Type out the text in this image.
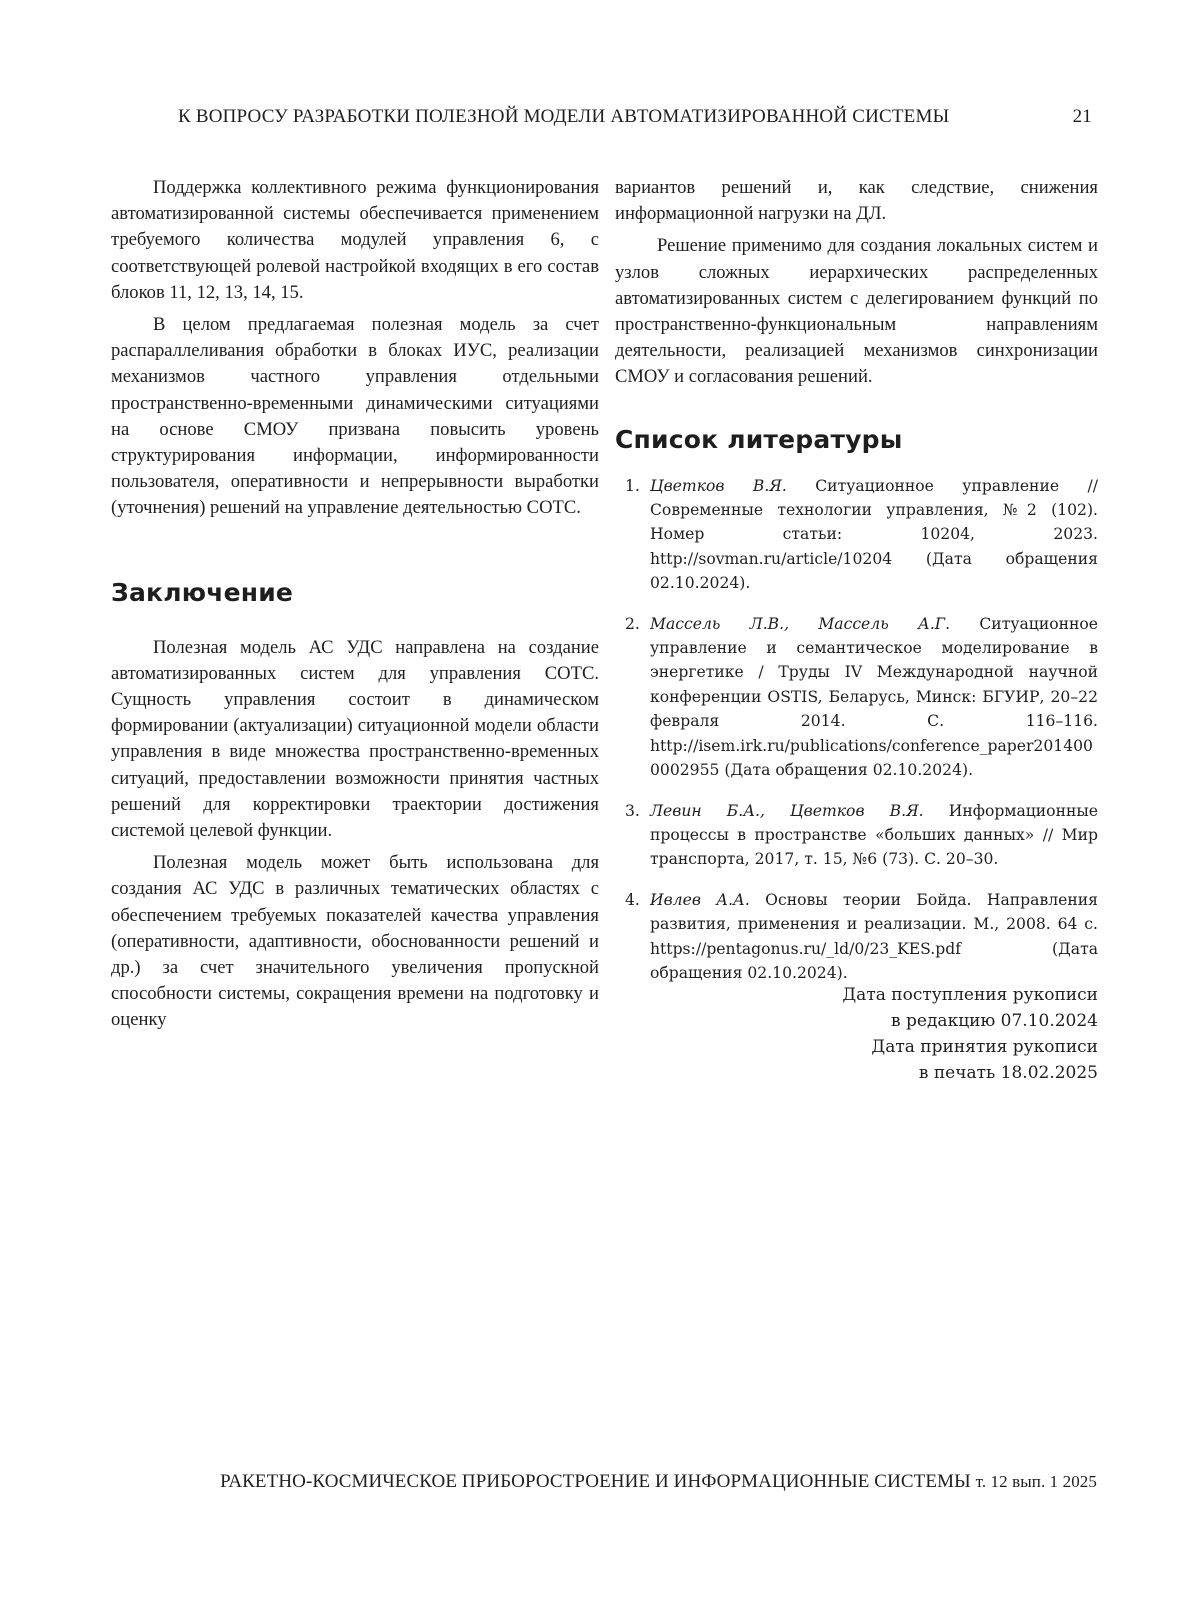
К ВОПРОСУ РАЗРАБОТКИ ПОЛЕЗНОЙ МОДЕЛИ АВТОМАТИЗИРОВАННОЙ СИСТЕМЫ	21

Поддержка коллективного режима функционирования автоматизированной системы обеспечивается применением требуемого количества модулей управления 6, с соответствующей ролевой настройкой входящих в его состав блоков 11, 12, 13, 14, 15.

В целом предлагаемая полезная модель за счет распараллеливания обработки в блоках ИУС, реализации механизмов частного управления отдельными пространственно-временными динамическими ситуациями на основе СМОУ призвана повысить уровень структурирования информации, информированности пользователя, оперативности и непрерывности выработки (уточнения) решений на управление деятельностью СОТС.

Заключение

Полезная модель АС УДС направлена на создание автоматизированных систем для управления СОТС. Сущность управления состоит в динамическом формировании (актуализации) ситуационной модели области управления в виде множества пространственно-временных ситуаций, предоставлении возможности принятия частных решений для корректировки траектории достижения системой целевой функции.

Полезная модель может быть использована для создания АС УДС в различных тематических областях с обеспечением требуемых показателей качества управления (оперативности, адаптивности, обоснованности решений и др.) за счет значительного увеличения пропускной способности системы, сокращения времени на подготовку и оценку

вариантов решений и, как следствие, снижения информационной нагрузки на ДЛ.

Решение применимо для создания локальных систем и узлов сложных иерархических распределенных автоматизированных систем с делегированием функций по пространственно-функциональным направлениям деятельности, реализацией механизмов синхронизации СМОУ и согласования решений.

Список литературы
1. Цветков В.Я. Ситуационное управление // Современные технологии управления, №2 (102). Номер статьи: 10204, 2023. http://sovman.ru/article/10204 (Дата обращения 02.10.2024).
2. Массель Л.В., Массель А.Г. Ситуационное управление и семантическое моделирование в энергетике / Труды IV Международной научной конференции OSTIS, Беларусь, Минск: БГУИР, 20–22 февраля 2014. С. 116–116. http://isem.irk.ru/publications/conference_paper2014000002955 (Дата обращения 02.10.2024).
3. Левин Б.А., Цветков В.Я. Информационные процессы в пространстве «больших данных» // Мир транспорта, 2017, т. 15, №6 (73). С. 20–30.
4. Ивлев А.А. Основы теории Бойда. Направления развития, применения и реализации. М., 2008. 64 с. https://pentagonus.ru/_ld/0/23_KES.pdf (Дата обращения 02.10.2024).
Дата поступления рукописи
в редакцию 07.10.2024
Дата принятия рукописи
в печать 18.02.2025
РАКЕТНО-КОСМИЧЕСКОЕ ПРИБОРОСТРОЕНИЕ И ИНФОРМАЦИОННЫЕ СИСТЕМЫ т. 12 вып. 1 2025
